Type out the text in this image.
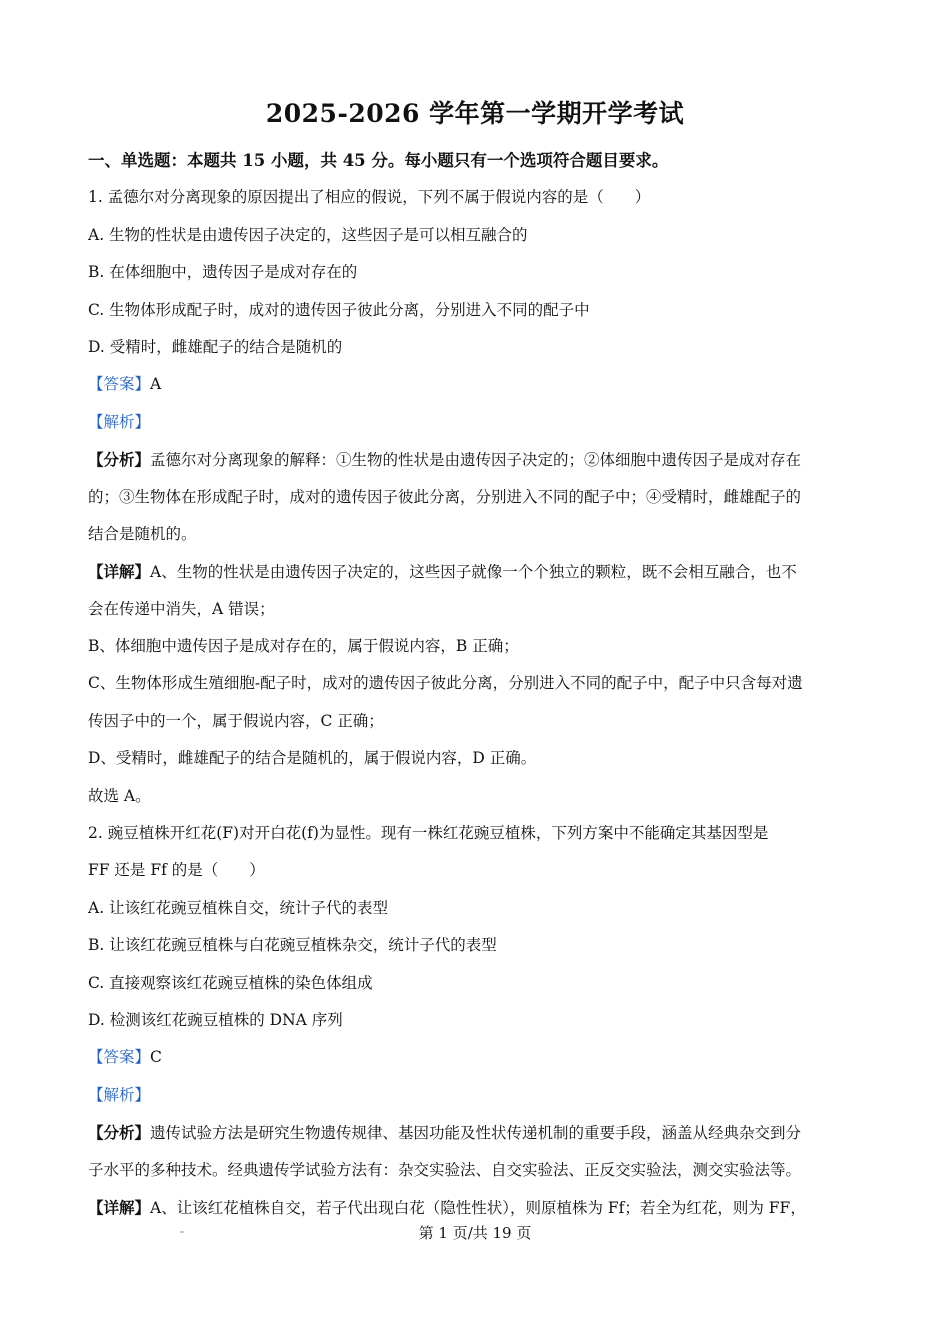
2025-2026 学年第一学期开学考试
一、单选题：本题共 15 小题，共 45 分。每小题只有一个选项符合题目要求。
1. 孟德尔对分离现象的原因提出了相应的假说，下列不属于假说内容的是（　　）
A. 生物的性状是由遗传因子决定的，这些因子是可以相互融合的
B. 在体细胞中，遗传因子是成对存在的
C. 生物体形成配子时，成对的遗传因子彼此分离，分别进入不同的配子中
D. 受精时，雌雄配子的结合是随机的
【答案】A
【解析】
【分析】孟德尔对分离现象的解释：①生物的性状是由遗传因子决定的；②体细胞中遗传因子是成对存在
的；③生物体在形成配子时，成对的遗传因子彼此分离，分别进入不同的配子中；④受精时，雌雄配子的
结合是随机的。
【详解】A、生物的性状是由遗传因子决定的，这些因子就像一个个独立的颗粒，既不会相互融合，也不
会在传递中消失，A 错误；
B、体细胞中遗传因子是成对存在的，属于假说内容，B 正确；
C、生物体形成生殖细胞-配子时，成对的遗传因子彼此分离，分别进入不同的配子中，配子中只含每对遗
传因子中的一个，属于假说内容，C 正确；
D、受精时，雌雄配子的结合是随机的，属于假说内容，D 正确。
故选 A。
2. 豌豆植株开红花(F)对开白花(f)为显性。现有一株红花豌豆植株，下列方案中不能确定其基因型是
FF 还是 Ff 的是（　　）
A. 让该红花豌豆植株自交，统计子代的表型
B. 让该红花豌豆植株与白花豌豆植株杂交，统计子代的表型
C. 直接观察该红花豌豆植株的染色体组成
D. 检测该红花豌豆植株的 DNA 序列
【答案】C
【解析】
【分析】遗传试验方法是研究生物遗传规律、基因功能及性状传递机制的重要手段，涵盖从经典杂交到分
子水平的多种技术。经典遗传学试验方法有：杂交实验法、自交实验法、正反交实验法，测交实验法等。
【详解】A、让该红花植株自交，若子代出现白花（隐性性状），则原植株为 Ff；若全为红花，则为 FF，
第 1 页/共 19 页
